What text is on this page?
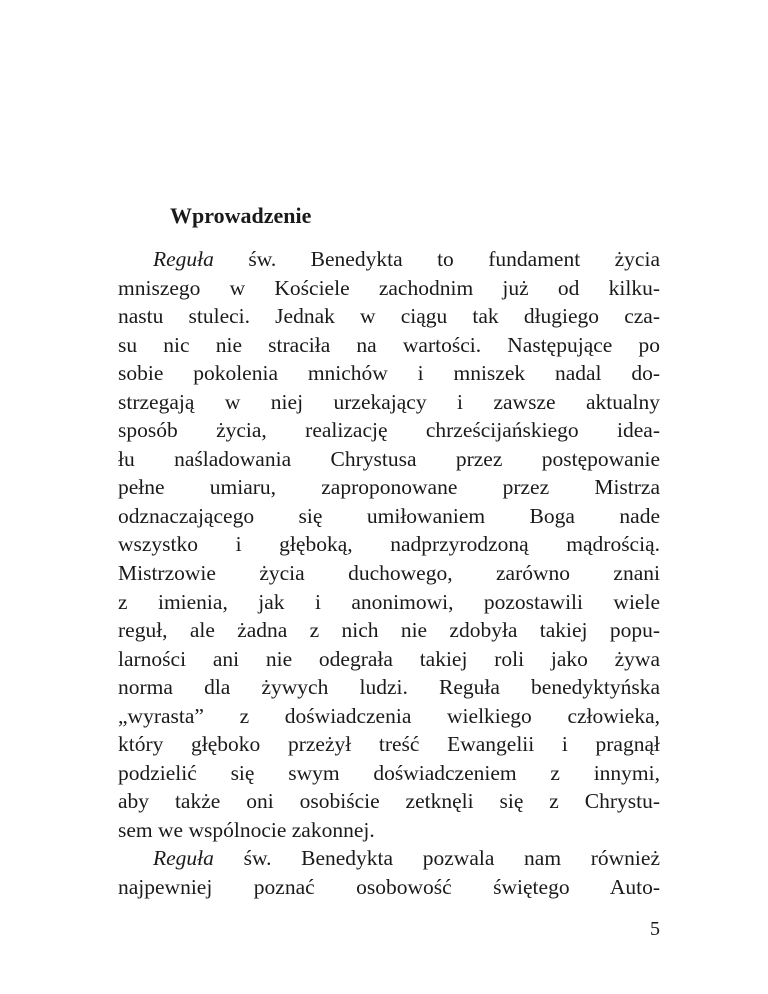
Wprowadzenie
Reguła św. Benedykta to fundament życia
mniszego w Kościele zachodnim już od kilku-
nastu stuleci. Jednak w ciągu tak długiego cza-
su nic nie straciła na wartości. Następujące po
sobie pokolenia mnichów i mniszek nadal do-
strzegają w niej urzekający i zawsze aktualny
sposób życia, realizację chrześcijańskiego idea-
łu naśladowania Chrystusa przez postępowanie
pełne umiaru, zaproponowane przez Mistrza
odznaczającego się umiłowaniem Boga nade
wszystko i głęboką, nadprzyrodzoną mądrością.
Mistrzowie życia duchowego, zarówno znani
z imienia, jak i anonimowi, pozostawili wiele
reguł, ale żadna z nich nie zdobyła takiej popu-
larności ani nie odegrała takiej roli jako żywa
norma dla żywych ludzi. Reguła benedyktyńska
„wyrasta” z doświadczenia wielkiego człowieka,
który głęboko przeżył treść Ewangelii i pragnął
podzielić się swym doświadczeniem z innymi,
aby także oni osobiście zetknęli się z Chrystu-
sem we wspólnocie zakonnej.
Reguła św. Benedykta pozwala nam również
najpewniej poznać osobowość świętego Auto-
5
